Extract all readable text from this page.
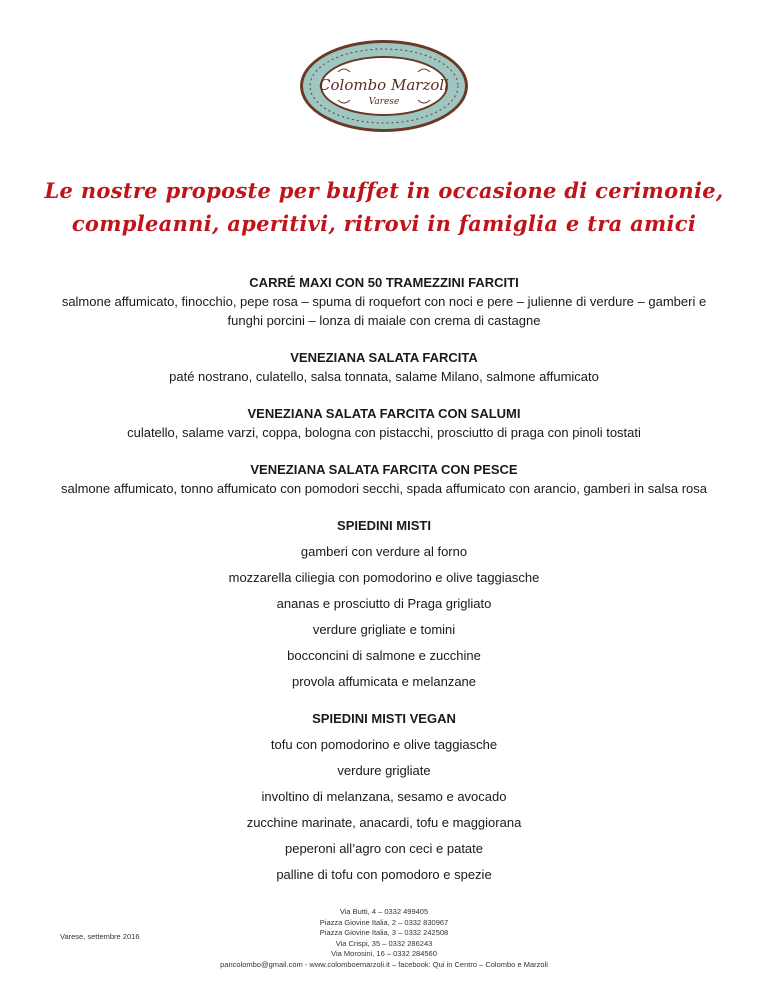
Colombo Marzoli
Varese
Le nostre proposte per buffet in occasione di cerimonie,
compleanni, aperitivi, ritrovi in famiglia e tra amici

CARRÉ MAXI CON 50 TRAMEZZINI FARCITI

salmone affumicato, finocchio, pepe rosa – spuma di roquefort con noci e pere – julienne di verdure – gamberi e funghi porcini – lonza di maiale con crema di castagne

VENEZIANA SALATA FARCITA

paté nostrano, culatello, salsa tonnata, salame Milano, salmone affumicato

VENEZIANA SALATA FARCITA CON SALUMI

culatello, salame varzi, coppa, bologna con pistacchi, prosciutto di praga con pinoli tostati

VENEZIANA SALATA FARCITA CON PESCE

salmone affumicato, tonno affumicato con pomodori secchi, spada affumicato con arancio, gamberi in salsa rosa

SPIEDINI MISTI

gamberi con verdure al forno
mozzarella ciliegia con pomodorino e olive taggiasche
ananas e prosciutto di Praga grigliato
verdure grigliate e tomini
bocconcini di salmone e zucchine
provola affumicata e melanzane

SPIEDINI MISTI VEGAN

tofu con pomodorino e olive taggiasche
verdure grigliate
involtino di melanzana, sesamo e avocado
zucchine marinate, anacardi, tofu e maggiorana
peperoni all’agro con ceci e patate
palline di tofu con pomodoro e spezie
Varese, settembre 2016
Via Butti, 4 – 0332 499405
Piazza Giovine Italia, 2 – 0332 830967
Piazza Giovine Italia, 3 – 0332 242508
Via Crispi, 35 – 0332 286243
Via Morosini, 16 – 0332 284560
pancolombo@gmail.com - www.colomboemarzoli.it – facebook: Qui in Centro – Colombo e Marzoli
